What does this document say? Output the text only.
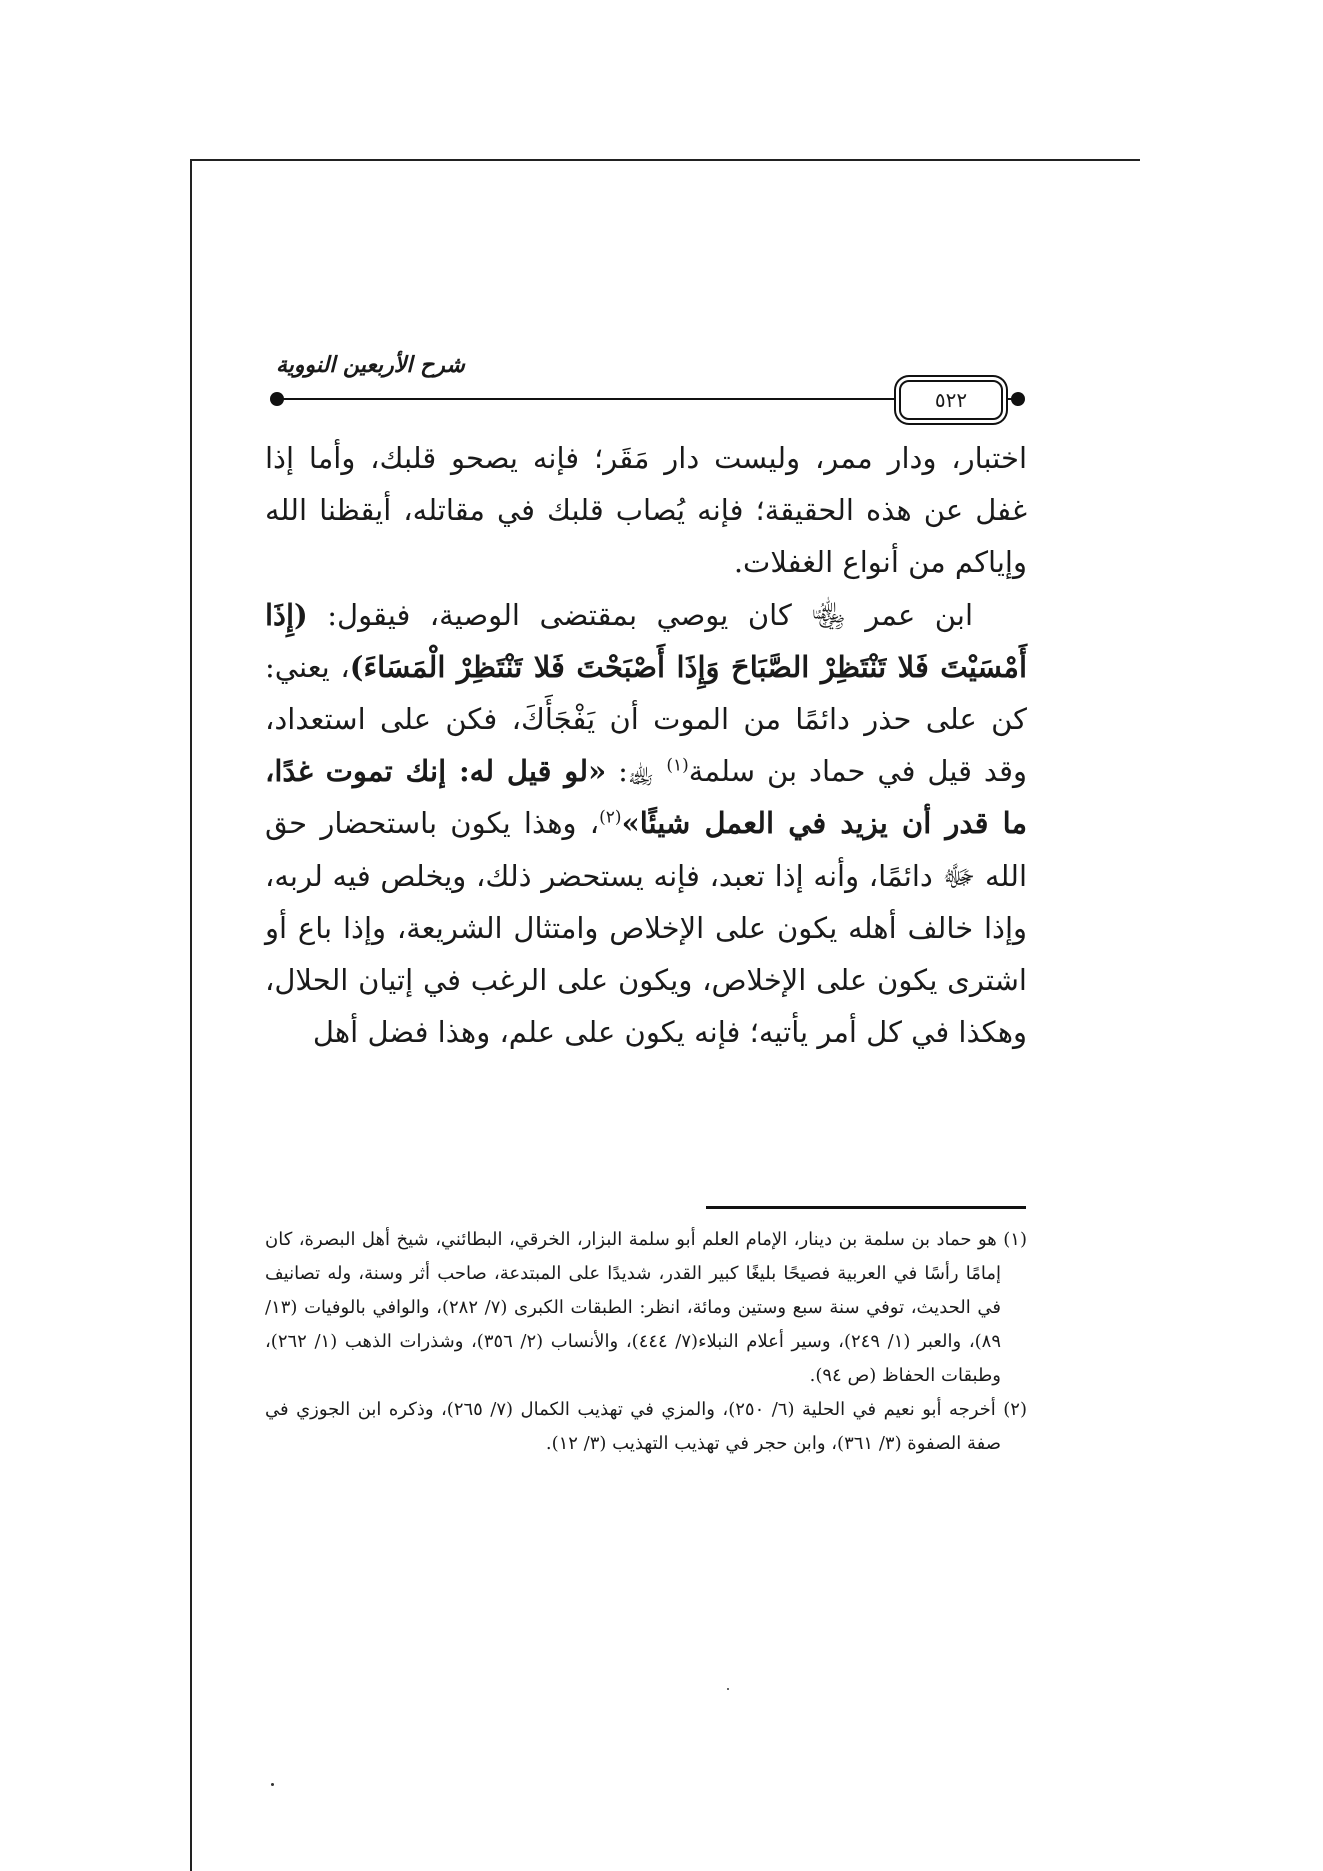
شرح الأربعين النووية
٥٢٢

اختبار، ودار ممر، وليست دار مَقَر؛ فإنه يصحو قلبك، وأما إذا غفل عن هذه الحقيقة؛ فإنه يُصاب قلبك في مقاتله، أيقظنا الله وإياكم من أنواع الغفلات.

ابن عمر ﵄ كان يوصي بمقتضى الوصية، فيقول: (إِذَا أَمْسَيْتَ فَلا تَنْتَظِرْ الصَّبَاحَ وَإِذَا أَصْبَحْتَ فَلا تَنْتَظِرْ الْمَسَاءَ)، يعني: كن على حذر دائمًا من الموت أن يَفْجَأَكَ، فكن على استعداد، وقد قيل في حماد بن سلمة$^{(١)}$ ﵀: «لو قيل له: إنك تموت غدًا، ما قدر أن يزيد في العمل شيئًا»$^{(٢)}$، وهذا يكون باستحضار حق الله ﷻ دائمًا، وأنه إذا تعبد، فإنه يستحضر ذلك، ويخلص فيه لربه، وإذا خالف أهله يكون على الإخلاص وامتثال الشريعة، وإذا باع أو اشترى يكون على الإخلاص، ويكون على الرغب في إتيان الحلال، وهكذا في كل أمر يأتيه؛ فإنه يكون على علم، وهذا فضل أهل

(١) هو حماد بن سلمة بن دينار، الإمام العلم أبو سلمة البزار، الخرقي، البطائني، شيخ أهل البصرة، كان إمامًا رأسًا في العربية فصيحًا بليغًا كبير القدر، شديدًا على المبتدعة، صاحب أثر وسنة، وله تصانيف في الحديث، توفي سنة سبع وستين ومائة، انظر: الطبقات الكبرى (٧/ ٢٨٢)، والوافي بالوفيات (١٣/ ٨٩)، والعبر (١/ ٢٤٩)، وسير أعلام النبلاء(٧/ ٤٤٤)، والأنساب (٢/ ٣٥٦)، وشذرات الذهب (١/ ٢٦٢)، وطبقات الحفاظ (ص ٩٤).

(٢) أخرجه أبو نعيم في الحلية (٦/ ٢٥٠)، والمزي في تهذيب الكمال (٧/ ٢٦٥)، وذكره ابن الجوزي في صفة الصفوة (٣/ ٣٦١)، وابن حجر في تهذيب التهذيب (٣/ ١٢).
